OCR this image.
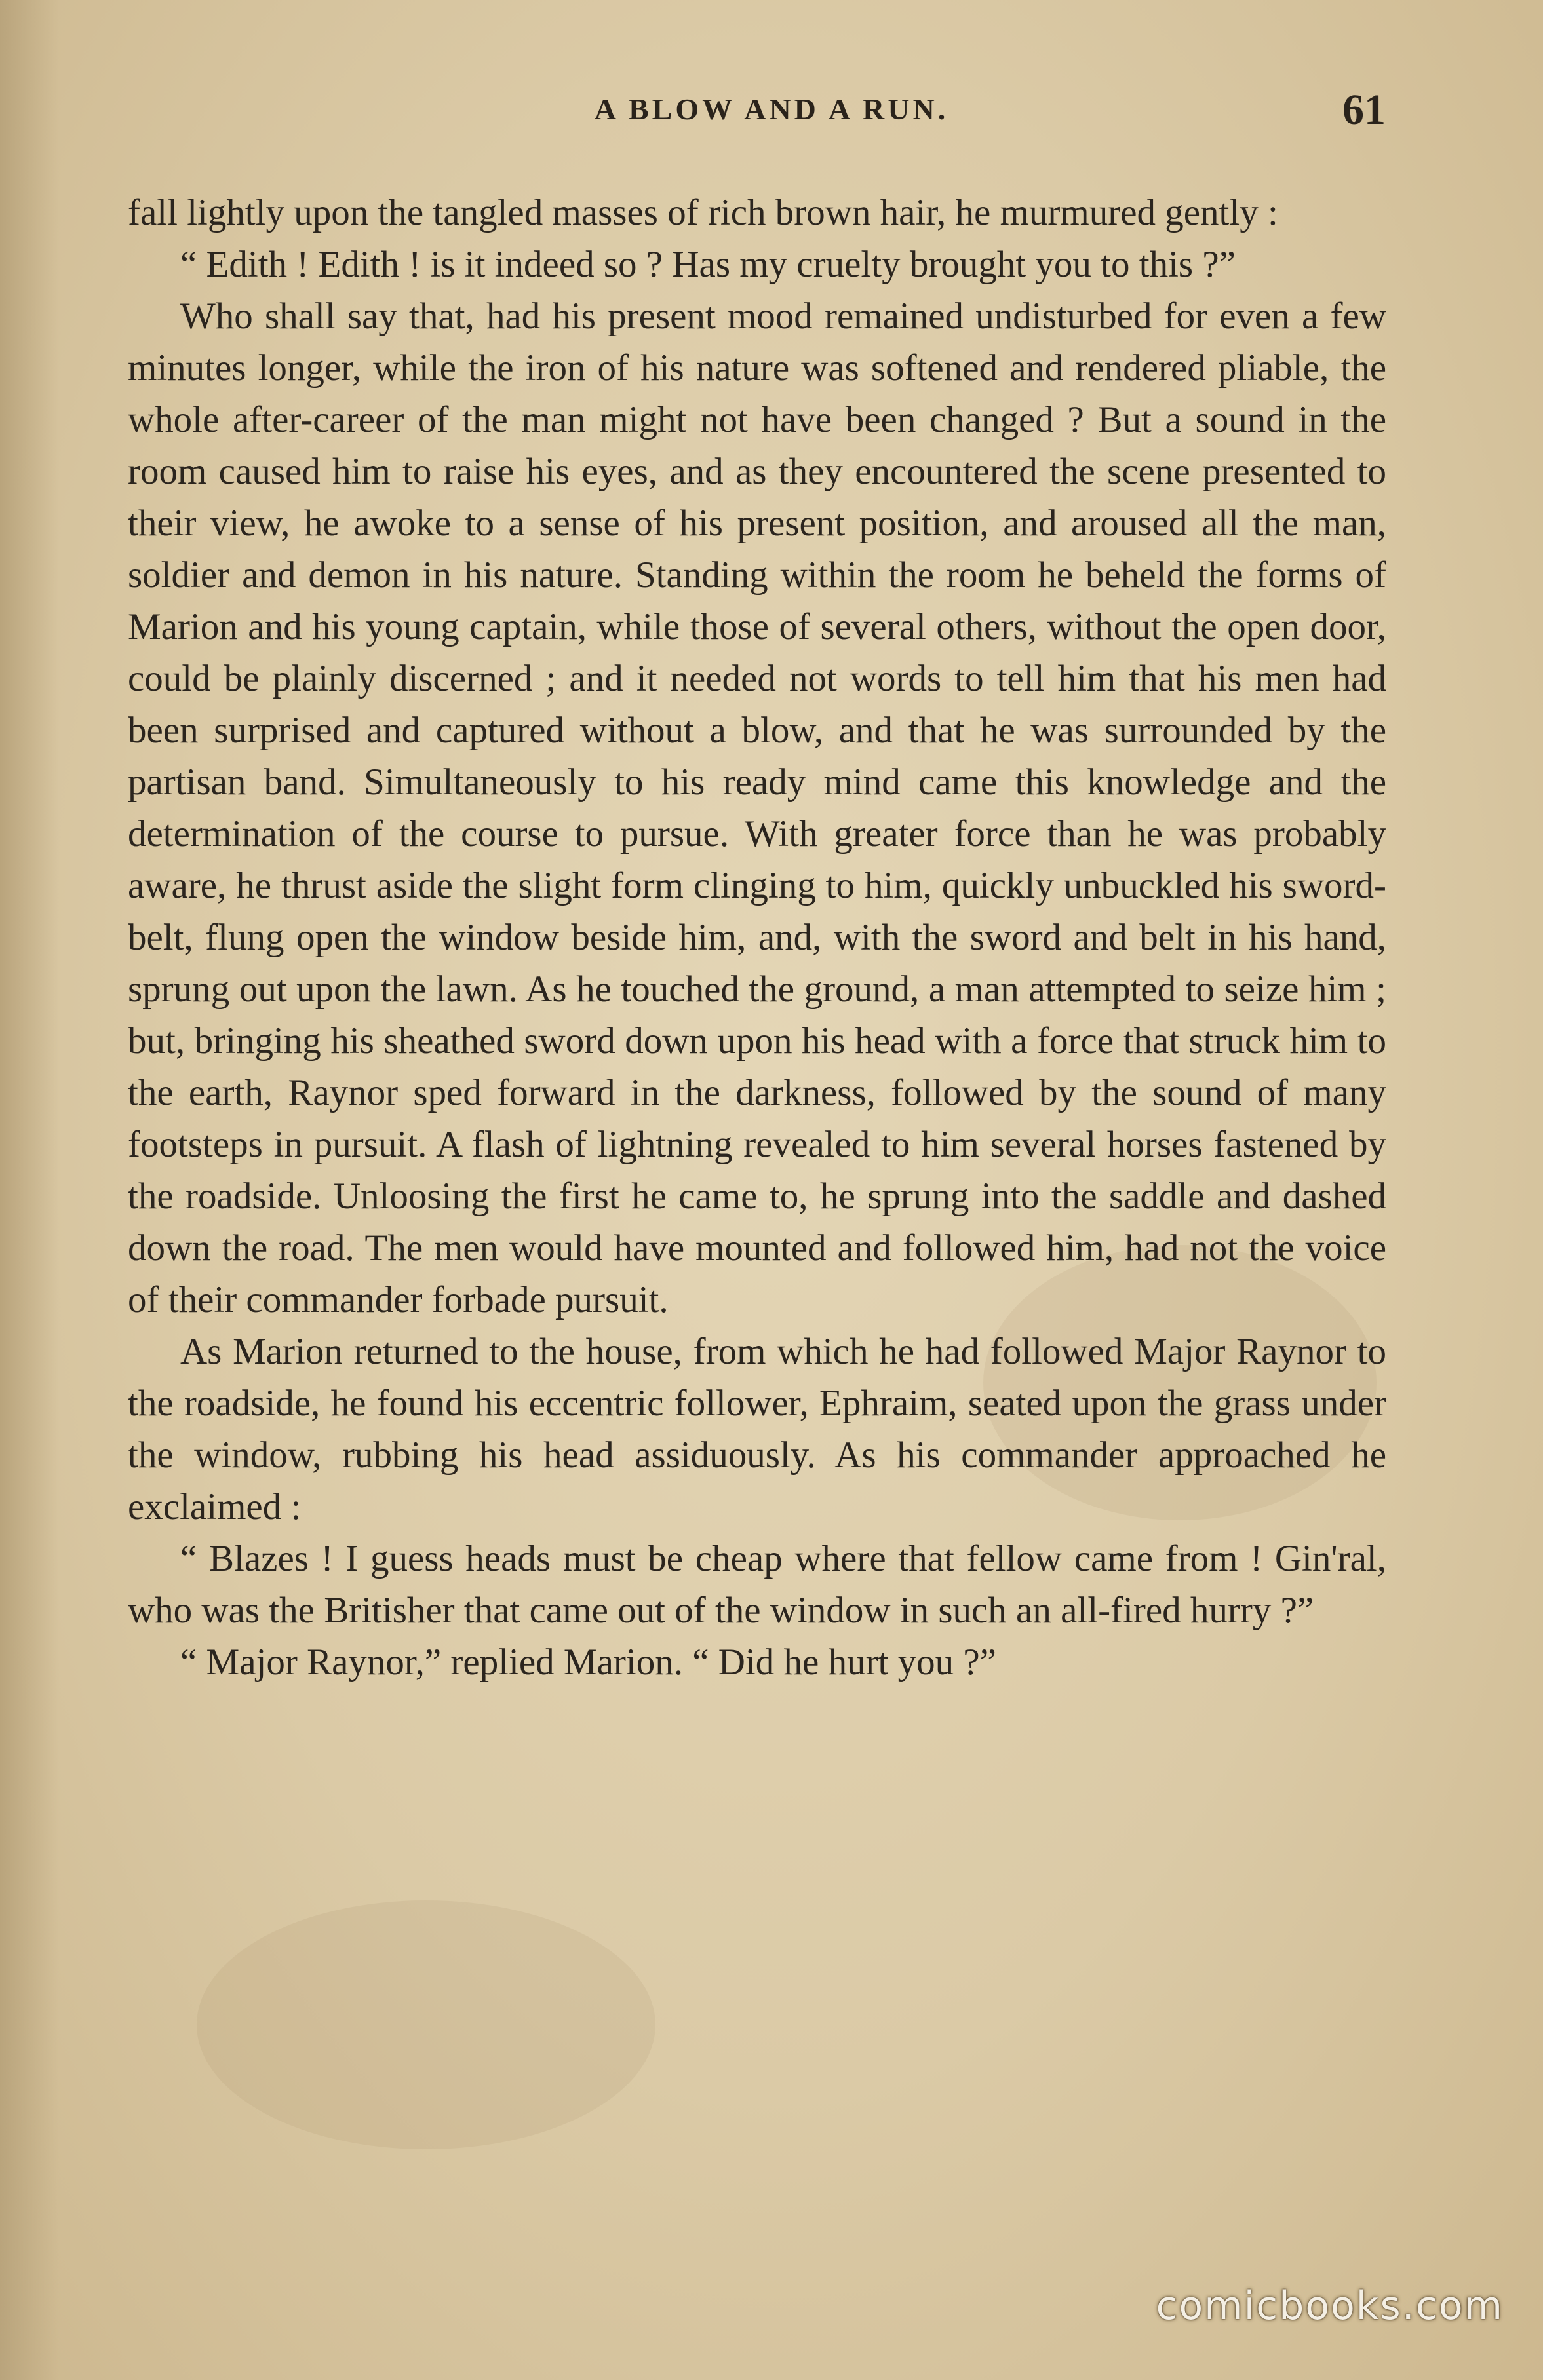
A BLOW AND A RUN.	61

fall lightly upon the tangled masses of rich brown hair, he murmured gently :

“ Edith ! Edith ! is it indeed so ? Has my cruelty brought you to this ?”

Who shall say that, had his present mood remained undisturbed for even a few minutes longer, while the iron of his nature was softened and rendered pliable, the whole after-career of the man might not have been changed ? But a sound in the room caused him to raise his eyes, and as they encountered the scene presented to their view, he awoke to a sense of his present position, and aroused all the man, soldier and demon in his nature. Standing within the room he beheld the forms of Marion and his young captain, while those of several others, without the open door, could be plainly discerned ; and it needed not words to tell him that his men had been surprised and captured without a blow, and that he was surrounded by the partisan band. Simultaneously to his ready mind came this knowledge and the determination of the course to pursue. With greater force than he was probably aware, he thrust aside the slight form clinging to him, quickly unbuckled his sword-belt, flung open the window beside him, and, with the sword and belt in his hand, sprung out upon the lawn. As he touched the ground, a man attempted to seize him ; but, bringing his sheathed sword down upon his head with a force that struck him to the earth, Raynor sped forward in the darkness, followed by the sound of many footsteps in pursuit. A flash of lightning revealed to him several horses fastened by the roadside. Unloosing the first he came to, he sprung into the saddle and dashed down the road. The men would have mounted and followed him, had not the voice of their commander forbade pursuit.

As Marion returned to the house, from which he had followed Major Raynor to the roadside, he found his eccentric follower, Ephraim, seated upon the grass under the window, rubbing his head assiduously. As his commander approached he exclaimed :

“ Blazes ! I guess heads must be cheap where that fellow came from ! Gin'ral, who was the Britisher that came out of the window in such an all-fired hurry ?”

“ Major Raynor,” replied Marion. “ Did he hurt you ?”

comicbooks.com
